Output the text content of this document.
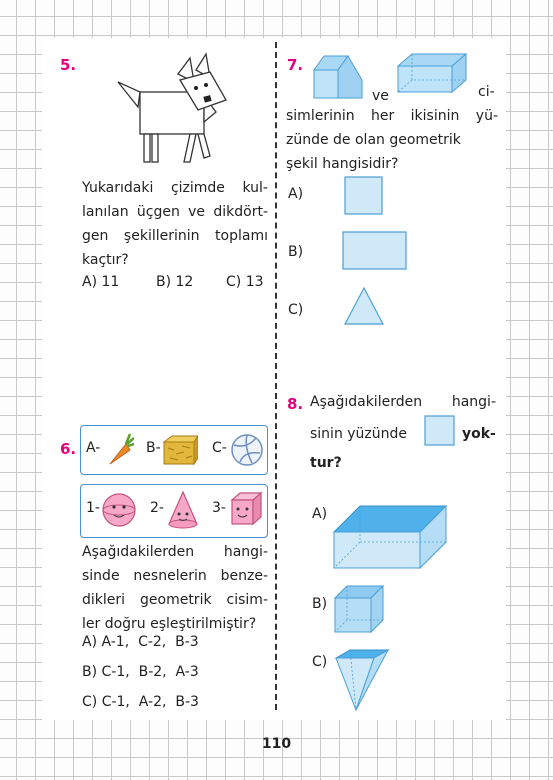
5.
Yukarıdaki çizimde kul-
lanılan üçgen ve dikdört-
gen şekillerinin toplamı
kaçtır?
A) 11	B) 12 C) 13
6. A-	B-	C-
1-	2-	3-
Aşağıdakilerden hangi-
sinde nesnelerin benze-
dikleri geometrik cisim-
ler doğru eşleştirilmiştir?
A) A-1,  C-2,  B-3
B) C-1,  B-2,  A-3
C) C-1,  A-2,  B-3
7.
ve	ci-
simlerinin her ikisinin yü-
zünde de olan geometrik
şekil hangisidir?
A)
B)
C)
8. Aşağıdakilerden hangi-
sinin yüzünde	yok-
tur?
A)
B)
C)
110
